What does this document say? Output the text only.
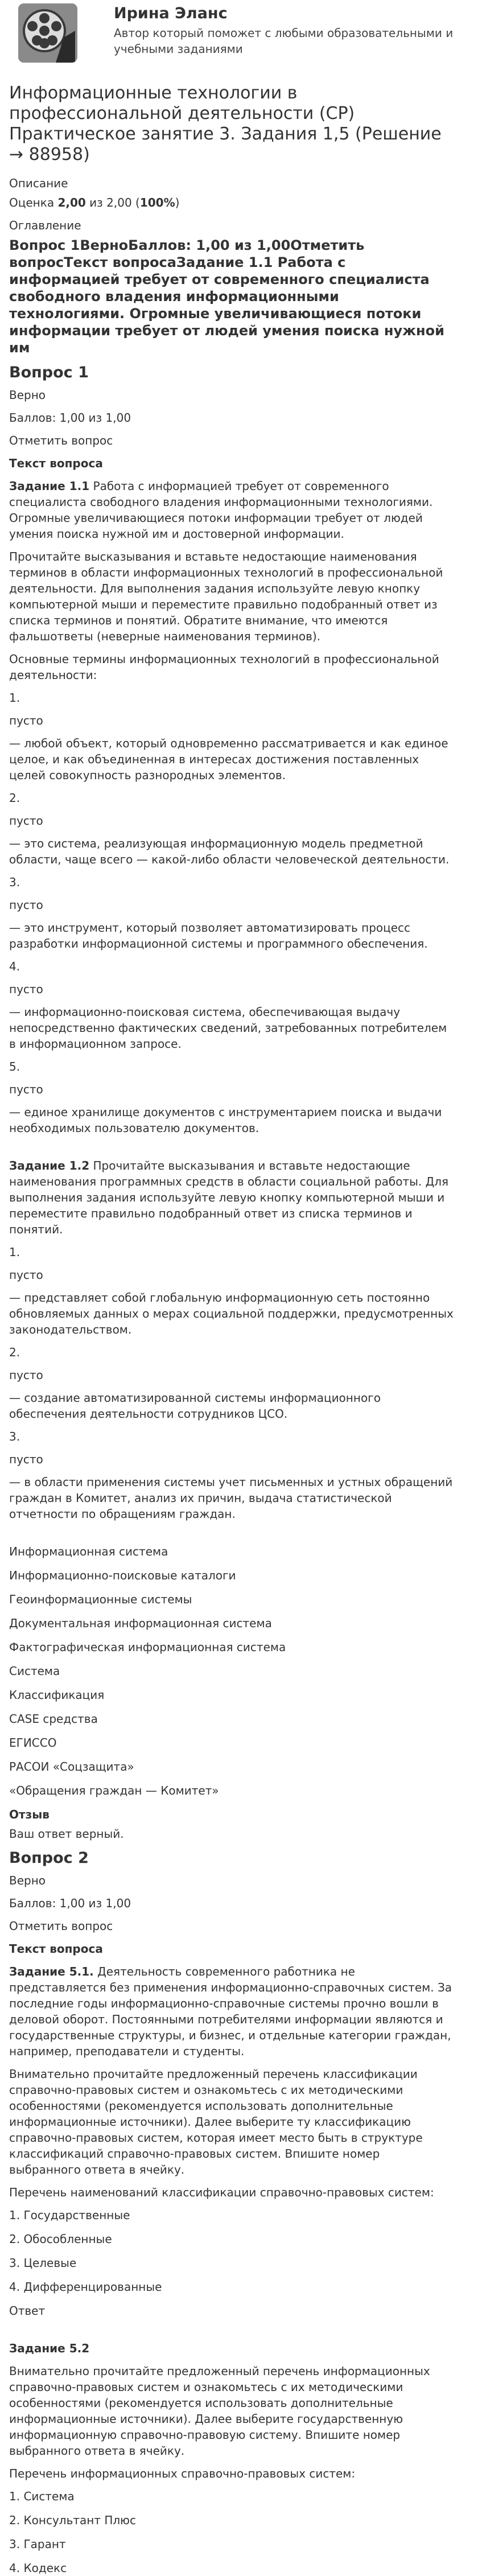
Ирина Эланс
Автор который поможет с любыми образовательными и учебными заданиями
Информационные технологии в профессиональной деятельности (СР) Практическое занятие 3. Задания 1,5 (Решение → 88958)
Описание
Оценка 2,00 из 2,00 (100%)
Оглавление
Вопрос 1ВерноБаллов: 1,00 из 1,00Отметить вопросТекст вопросаЗадание 1.1 Работа с информацией требует от современного специалиста свободного владения информационными технологиями. Огромные увеличивающиеся потоки информации требует от людей умения поиска нужной им
Вопрос 1

Верно

Баллов: 1,00 из 1,00

Отметить вопрос

Текст вопроса

Задание 1.1 Работа с информацией требует от современного специалиста свободного владения информационными технологиями. Огромные увеличивающиеся потоки информации требует от людей умения поиска нужной им и достоверной информации.

Прочитайте высказывания и вставьте недостающие наименования терминов в области информационных технологий в профессиональной деятельности. Для выполнения задания используйте левую кнопку компьютерной мыши и переместите правильно подобранный ответ из списка терминов и понятий. Обратите внимание, что имеются фальшответы (неверные наименования терминов).

Основные термины информационных технологий в профессиональной деятельности:

1.

пусто

— любой объект, который одновременно рассматривается и как единое целое, и как объединенная в интересах достижения поставленных целей совокупность разнородных элементов.

2.

пусто

— это система, реализующая информационную модель предметной области, чаще всего — какой-либо области человеческой деятельности.

3.

пусто

— это инструмент, который позволяет автоматизировать процесс разработки информационной системы и программного обеспечения.

4.

пусто

— информационно-поисковая система, обеспечивающая выдачу непосредственно фактических сведений, затребованных потребителем в информационном запросе.

5.

пусто

— единое хранилище документов с инструментарием поиска и выдачи необходимых пользователю документов.

Задание 1.2 Прочитайте высказывания и вставьте недостающие наименования программных средств в области социальной работы. Для выполнения задания используйте левую кнопку компьютерной мыши и переместите правильно подобранный ответ из списка терминов и понятий.

1.

пусто

— представляет собой глобальную информационную сеть постоянно обновляемых данных о мерах социальной поддержки, предусмотренных законодательством.

2.

пусто

— создание автоматизированной системы информационного обеспечения деятельности сотрудников ЦСО.

3.

пусто

— в области применения системы учет письменных и устных обращений граждан в Комитет, анализ их причин, выдача статистической отчетности по обращениям граждан.

Информационная система

Информационно-поисковые каталоги

Геоинформационные системы

Документальная информационная система

Фактографическая информационная система

Система

Классификация

CASE средства

ЕГИССО

РАСОИ «Соцзащита»

«Обращения граждан — Комитет»

Отзыв

Ваш ответ верный.

Вопрос 2

Верно

Баллов: 1,00 из 1,00

Отметить вопрос

Текст вопроса

Задание 5.1. Деятельность современного работника не представляется без применения информационно-справочных систем. За последние годы информационно-справочные системы прочно вошли в деловой оборот. Постоянными потребителями информации являются и государственные структуры, и бизнес, и отдельные категории граждан, например, преподаватели и студенты.

Внимательно прочитайте предложенный перечень классификации справочно-правовых систем и ознакомьтесь с их методическими особенностями (рекомендуется использовать дополнительные информационные источники). Далее выберите ту классификацию справочно-правовых систем, которая имеет место быть в структуре классификаций справочно-правовых систем. Впишите номер выбранного ответа в ячейку.

Перечень наименований классификации справочно-правовых систем:

1. Государственные

2. Обособленные

3. Целевые

4. Дифференцированные

Ответ

Задание 5.2

Внимательно прочитайте предложенный перечень информационных справочно-правовых систем и ознакомьтесь с их методическими особенностями (рекомендуется использовать дополнительные информационные источники). Далее выберите государственную информационную справочно-правовую систему. Впишите номер выбранного ответа в ячейку.

Перечень информационных справочно-правовых систем:

1. Система

2. Консультант Плюс

3. Гарант

4. Кодекс
